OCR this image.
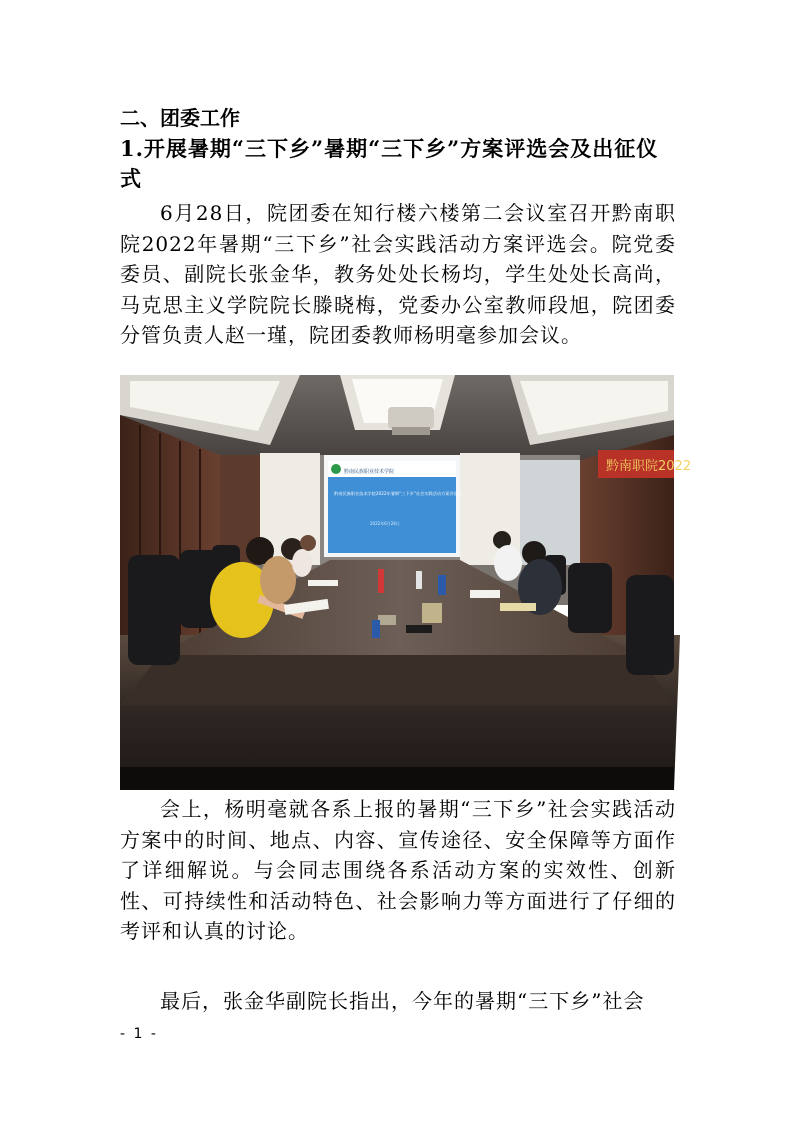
二、团委工作
1.开展暑期“三下乡”暑期“三下乡”方案评选会及出征仪式
6月28日，院团委在知行楼六楼第二会议室召开黔南职院2022年暑期“三下乡”社会实践活动方案评选会。院党委委员、副院长张金华，教务处处长杨均，学生处处长高尚，马克思主义学院院长滕晓梅，党委办公室教师段旭，院团委分管负责人赵一瑾，院团委教师杨明毫参加会议。
黔南职院2022
黔南民族职业技术学院
黔南民族职业技术学院2022年暑期“三下乡”社会实践活动方案评选会
2022年6月28日
会上，杨明毫就各系上报的暑期“三下乡”社会实践活动方案中的时间、地点、内容、宣传途径、安全保障等方面作了详细解说。与会同志围绕各系活动方案的实效性、创新性、可持续性和活动特色、社会影响力等方面进行了仔细的考评和认真的讨论。
最后，张金华副院长指出，今年的暑期“三下乡”社会
- 1 -
